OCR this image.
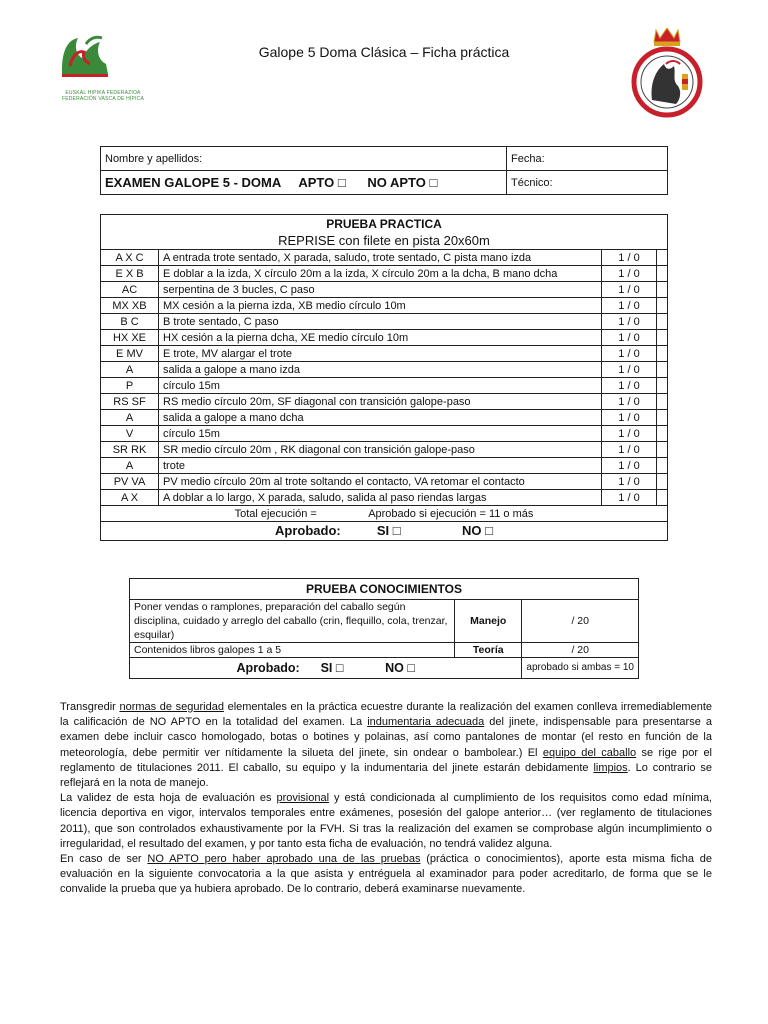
EUSKAL HIPIKA FEDERAZIOA
FEDERACIÓN VASCA DE HÍPICA
Galope 5 Doma Clásica – Ficha práctica
Nombre y apellidos:	Fecha:
EXAMEN GALOPE 5 - DOMA APTO □ NO APTO □	Técnico:
PRUEBA PRACTICA			
REPRISE con filete en pista 20x60m			
A X C	A entrada trote sentado, X parada, saludo, trote sentado, C pista mano izda	1 / 0	
E X B	E doblar a la izda, X círculo 20m a la izda, X círculo 20m a la dcha, B mano dcha	1 / 0	
AC	serpentina de 3 bucles, C paso	1 / 0	
MX XB	MX cesión a la pierna izda, XB medio círculo 10m	1 / 0	
B C	B trote sentado, C paso	1 / 0	
HX XE	HX cesión a la pierna dcha, XE medio círculo 10m	1 / 0	
E MV	E trote, MV alargar el trote	1 / 0	
A	salida a galope a mano izda	1 / 0	
P	círculo 15m	1 / 0	
RS SF	RS medio círculo 20m, SF diagonal con transición galope-paso	1 / 0	
A	salida a galope a mano dcha	1 / 0	
V	círculo 15m	1 / 0	
SR RK	SR medio círculo 20m , RK diagonal con transición galope-paso	1 / 0	
A	trote	1 / 0	
PV VA	PV medio círculo 20m al trote soltando el contacto, VA retomar el contacto	1 / 0	
A X	A doblar a lo largo, X parada, saludo, salida al paso riendas largas	1 / 0	
Total ejecución = Aprobado si ejecución = 11 o más			
Aprobado: SI □ NO □			
PRUEBA CONOCIMIENTOS		
Poner vendas o ramplones, preparación del caballo según disciplina, cuidado y arreglo del caballo (crin, flequillo, cola, trenzar, esquilar)	Manejo	/ 20
Contenidos libros galopes 1 a 5	Teoría	/ 20
Aprobado: SI □ NO □		aprobado si ambas = 10

Transgredir normas de seguridad elementales en la práctica ecuestre durante la realización del examen conlleva irremediablemente la calificación de NO APTO en la totalidad del examen. La indumentaria adecuada del jinete, indispensable para presentarse a examen debe incluir casco homologado, botas o botines y polainas, así como pantalones de montar (el resto en función de la meteorología, debe permitir ver nítidamente la silueta del jinete, sin ondear o bambolear.) El equipo del caballo se rige por el reglamento de titulaciones 2011. El caballo, su equipo y la indumentaria del jinete estarán debidamente limpios. Lo contrario se reflejará en la nota de manejo.

La validez de esta hoja de evaluación es provisional y está condicionada al cumplimiento de los requisitos como edad mínima, licencia deportiva en vigor, intervalos temporales entre exámenes, posesión del galope anterior… (ver reglamento de titulaciones 2011), que son controlados exhaustivamente por la FVH. Si tras la realización del examen se comprobase algún incumplimiento o irregularidad, el resultado del examen, y por tanto esta ficha de evaluación, no tendrá validez alguna.

En caso de ser NO APTO pero haber aprobado una de las pruebas (práctica o conocimientos), aporte esta misma ficha de evaluación en la siguiente convocatoria a la que asista y entréguela al examinador para poder acreditarlo, de forma que se le convalide la prueba que ya hubiera aprobado. De lo contrario, deberá examinarse nuevamente.
